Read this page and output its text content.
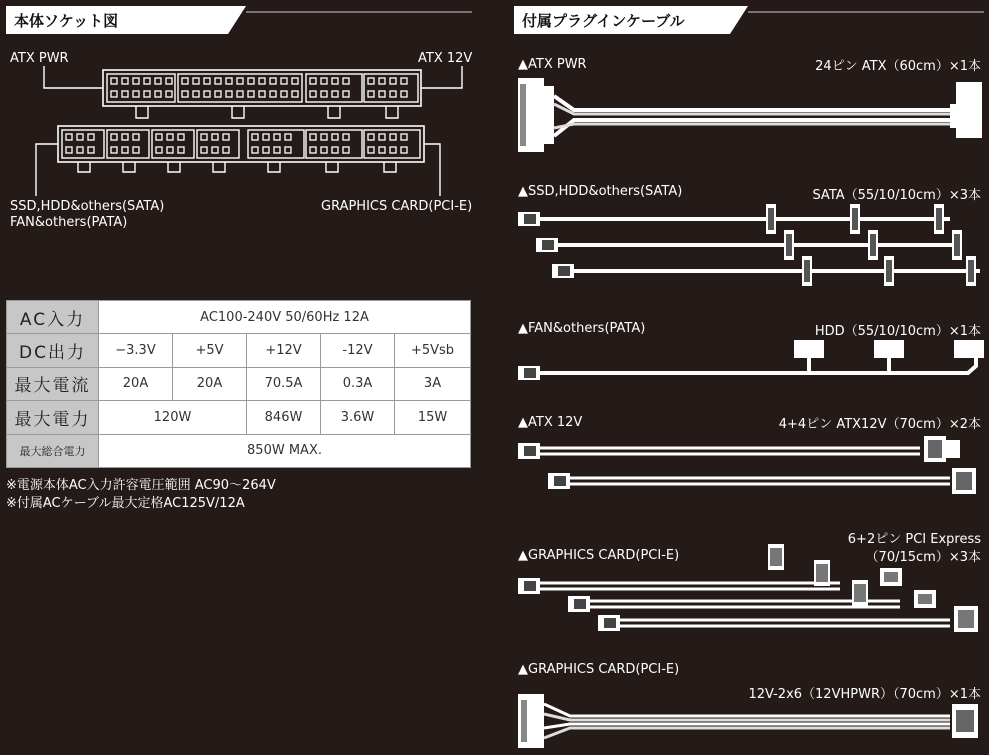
本体ソケット図
ATX PWR	ATX 12V
SSD,HDD&others(SATA)
FAN&others(PATA)
GRAPHICS CARD(PCI-E)
AC入力	AC100-240V 50/60Hz 12A				
DC出力	−3.3V	+5V	+12V	-12V	+5Vsb
最大電流	20A	20A	70.5A	0.3A	3A
最大電力	120W		846W	3.6W	15W
最大総合電力	850W MAX.				
※電源本体AC入力許容電圧範囲 AC90〜264V
※付属ACケーブル最大定格AC125V/12A
付属プラグインケーブル
▲ATX PWR	24ピン ATX（60cm）×1本
▲SSD,HDD&others(SATA)	SATA（55/10/10cm）×3本
▲FAN&others(PATA)	HDD（55/10/10cm）×1本
▲ATX 12V	4+4ピン ATX12V（70cm）×2本
▲GRAPHICS CARD(PCI-E)
6+2ピン PCI Express
（70/15cm）×3本
▲GRAPHICS CARD(PCI-E)
12V-2x6（12VHPWR）（70cm）×1本
